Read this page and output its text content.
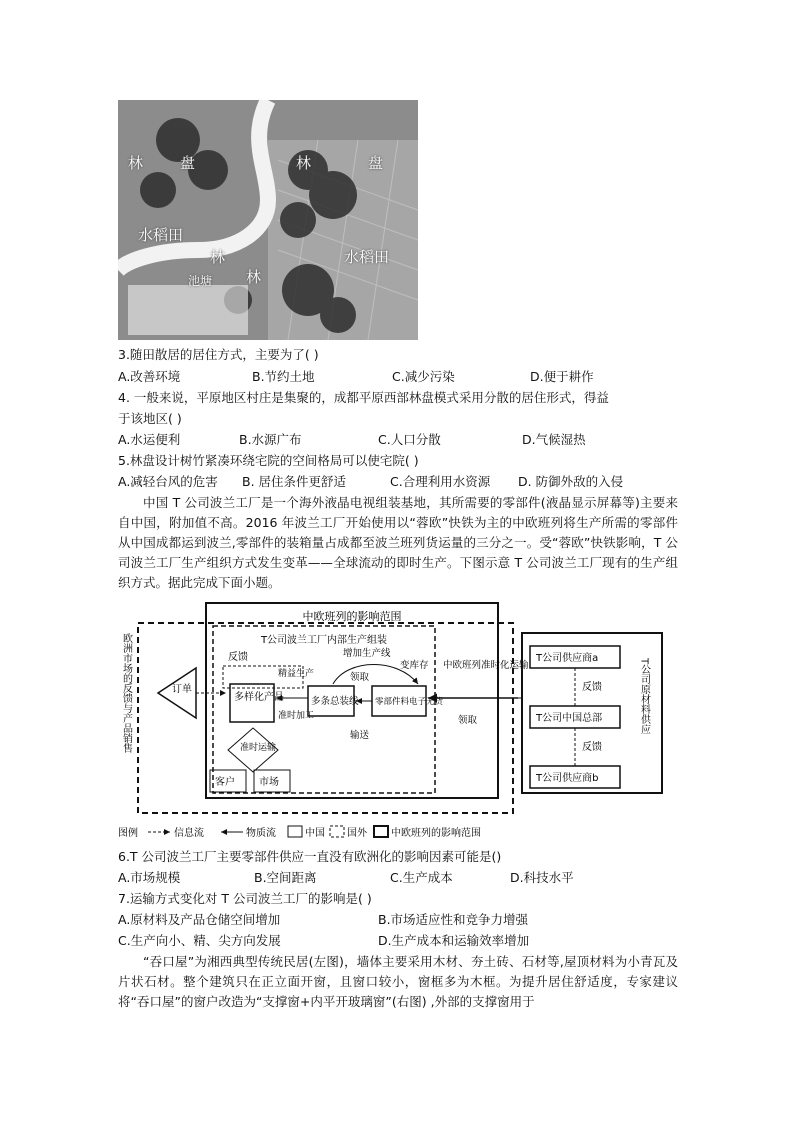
林 盘	林	盘
水稻田
水稻田
林
林
池塘
3.随田散居的居住方式，主要为了( )
A.改善环境	B.节约土地	C.减少污染	D.便于耕作
4. 一般来说，平原地区村庄是集聚的，成都平原西部林盘模式采用分散的居住形式，得益
于该地区( )
A.水运便利	B.水源广布	C.人口分散	D.气候湿热
5.林盘设计树竹紧凑环绕宅院的空间格局可以使宅院( )
A.减轻台风的危害 B. 居住条件更舒适	C.合理利用水资源 D. 防御外敌的入侵
中国 T 公司波兰工厂是一个海外液晶电视组装基地，其所需要的零部件(液晶显示屏幕等)主要来自中国，附加值不高。2016 年波兰工厂开始使用以“蓉欧”快铁为主的中欧班列将生产所需的零部件从中国成都运到波兰,零部件的装箱量占成都至波兰班列货运量的三分之一。受“蓉欧”快铁影响，T 公司波兰工厂生产组织方式发生变革——全球流动的即时生产。下图示意 T 公司波兰工厂现有的生产组织方式。据此完成下面小题。
中欧班列的影响范围
T公司波兰工厂内部生产组装
欧洲市场的反馈与产品销售	订单
反馈
多样化产品
精益生产
准时加工
多条总装线
增加生产线
领取
变库存
零部件料电子无货
输送
准时运输
客户 市场
中欧班列准时化运输
领取
T公司供应商a
反馈
T公司中国总部
反馈
T公司供应商b
T公司原材料供应
图例	信息流	物质流	中国 国外 中欧班列的影响范围
6.T 公司波兰工厂主要零部件供应一直没有欧洲化的影响因素可能是()
A.市场规模	B.空间距离	C.生产成本	D.科技水平
7.运输方式变化对 T 公司波兰工厂的影响是( )
A.原材料及产品仓储空间增加	B.市场适应性和竞争力增强
C.生产向小、精、尖方向发展	D.生产成本和运输效率增加
“吞口屋”为湘西典型传统民居(左图)，墙体主要采用木材、夯土砖、石材等,屋顶材料为小青瓦及片状石材。整个建筑只在正立面开窗，且窗口较小，窗框多为木框。为提升居住舒适度，专家建议将“吞口屋”的窗户改造为“支撑窗+内平开玻璃窗”(右图) ,外部的支撑窗用于
